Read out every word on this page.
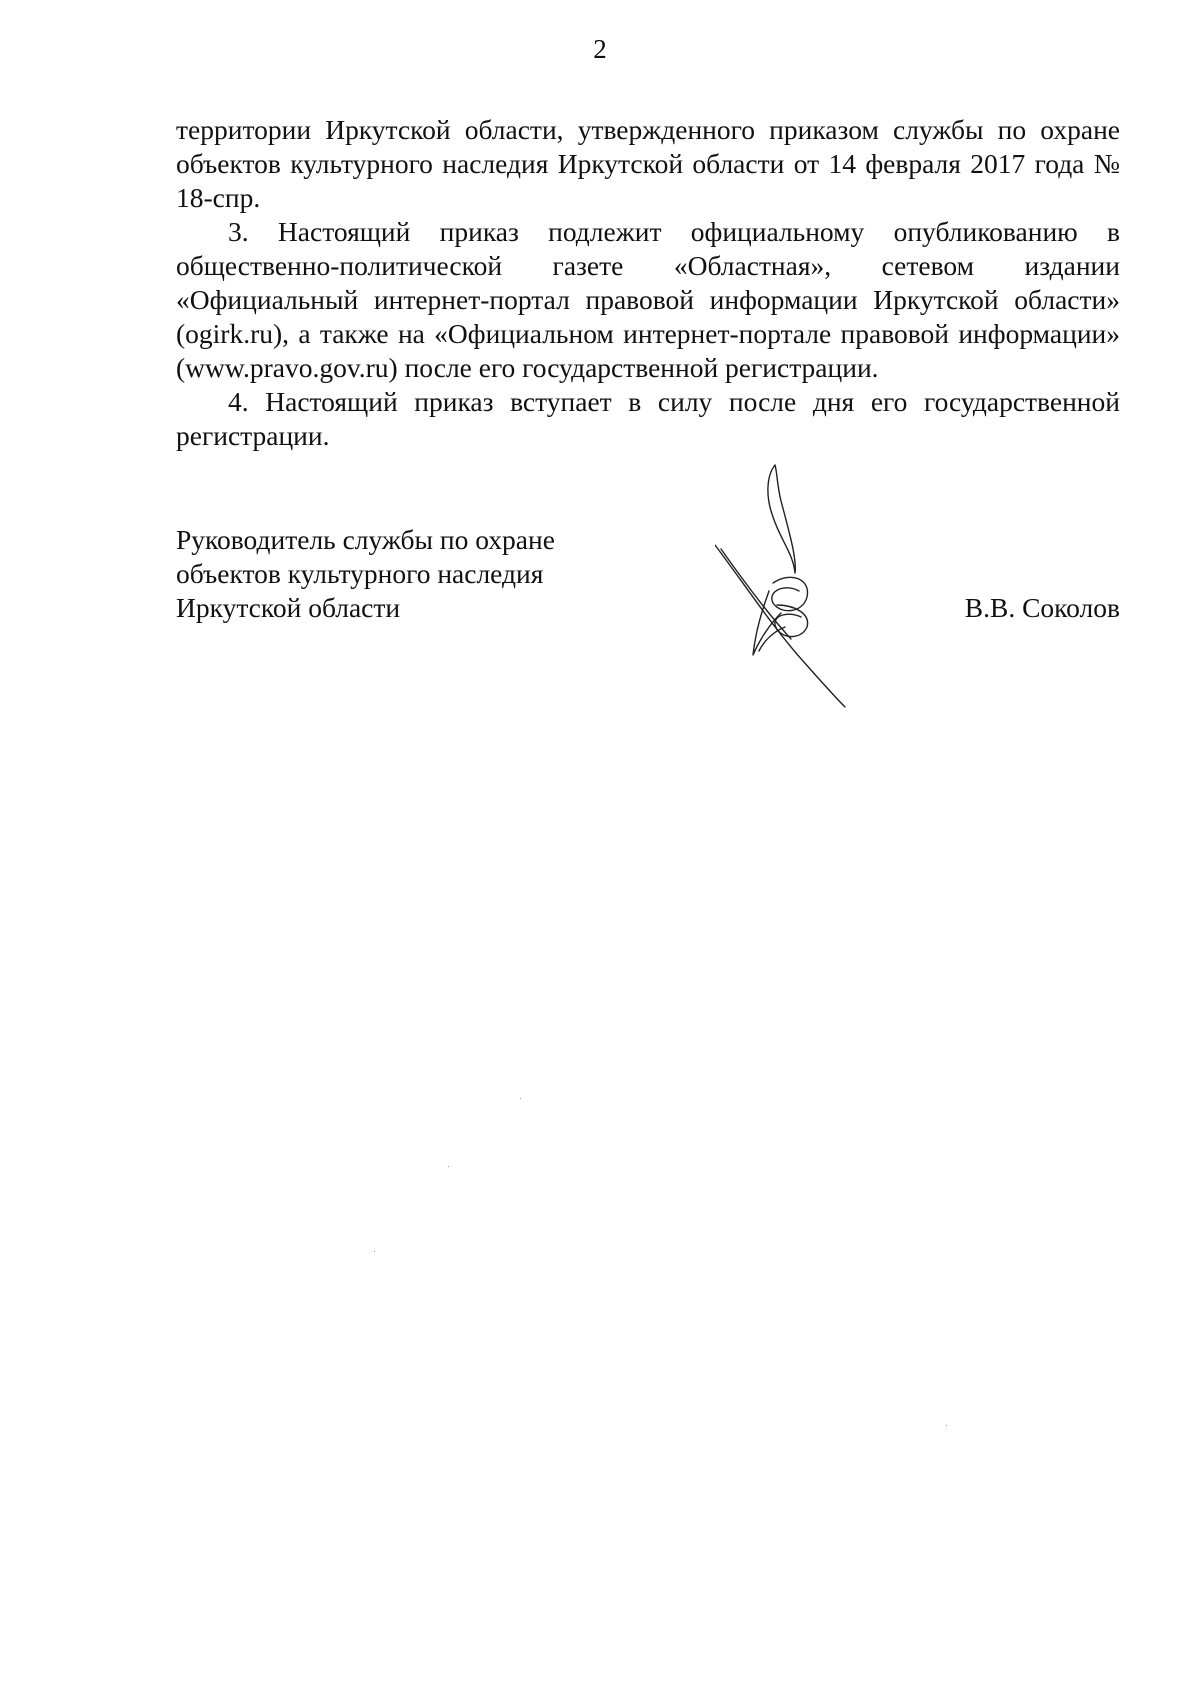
2

территории Иркутской области, утвержденного приказом службы по охране объектов культурного наследия Иркутской области от 14 февраля 2017 года № 18-спр.

3. Настоящий приказ подлежит официальному опубликованию в общественно-политической газете «Областная», сетевом издании «Официальный интернет-портал правовой информации Иркутской области» (ogirk.ru), а также на «Официальном интернет-портале правовой информации» (www.pravo.gov.ru) после его государственной регистрации.

4. Настоящий приказ вступает в силу после дня его государственной регистрации.

Руководитель службы по охране
объектов культурного наследия
Иркутской области	В.В. Соколов
